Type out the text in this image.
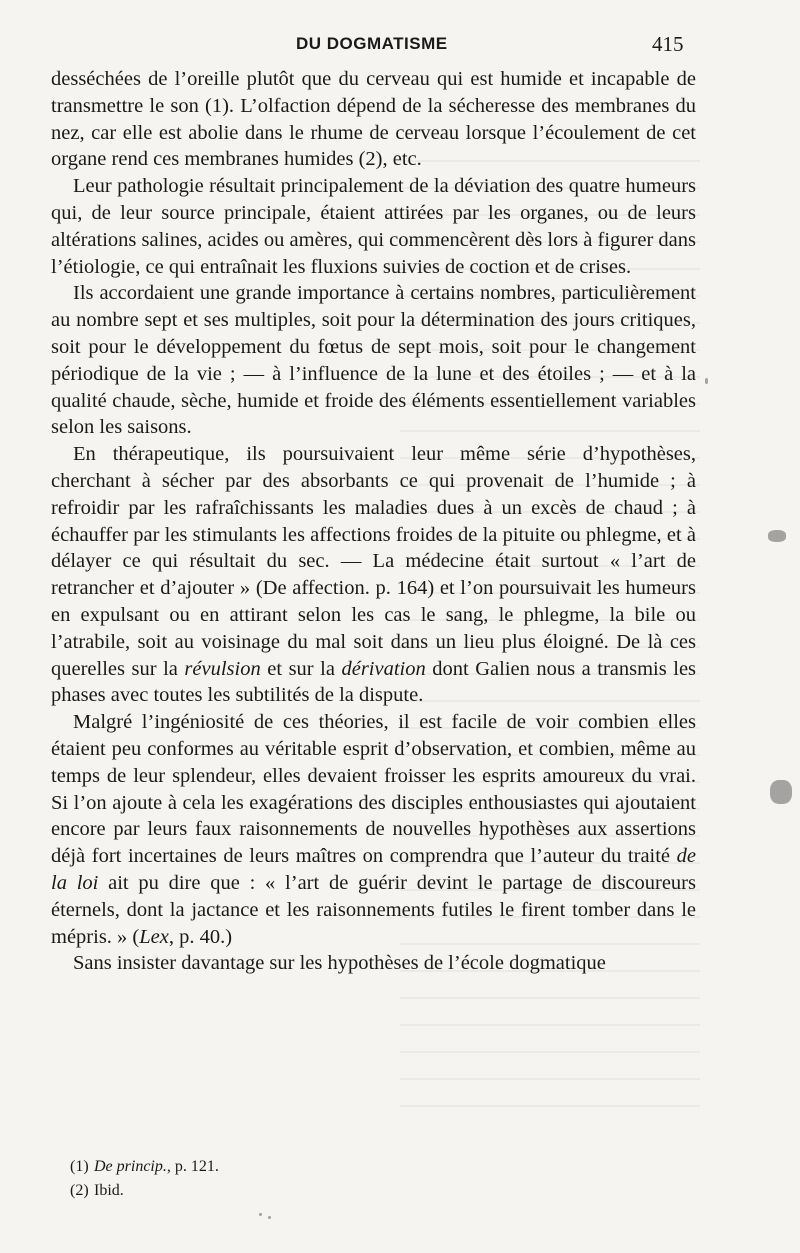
DU DOGMATISME	415

desséchées de l’oreille plutôt que du cerveau qui est humide et incapable de transmettre le son (1). L’olfaction dépend de la sécheresse des membranes du nez, car elle est abolie dans le rhume de cerveau lorsque l’écoulement de cet organe rend ces membranes humides (2), etc.

Leur pathologie résultait principalement de la déviation des quatre humeurs qui, de leur source principale, étaient attirées par les organes, ou de leurs altérations salines, acides ou amères, qui commencèrent dès lors à figurer dans l’étiologie, ce qui entraînait les fluxions suivies de coction et de crises.

Ils accordaient une grande importance à certains nombres, particulièrement au nombre sept et ses multiples, soit pour la détermination des jours critiques, soit pour le développement du fœtus de sept mois, soit pour le changement périodique de la vie ; — à l’influence de la lune et des étoiles ; — et à la qualité chaude, sèche, humide et froide des éléments essentiellement variables selon les saisons.

En thérapeutique, ils poursuivaient leur même série d’hypothèses, cherchant à sécher par des absorbants ce qui provenait de l’humide ; à refroidir par les rafraîchissants les maladies dues à un excès de chaud ; à échauffer par les stimulants les affections froides de la pituite ou phlegme, et à délayer ce qui résultait du sec. — La médecine était surtout « l’art de retrancher et d’ajouter » (De affection. p. 164) et l’on poursuivait les humeurs en expulsant ou en attirant selon les cas le sang, le phlegme, la bile ou l’atrabile, soit au voisinage du mal soit dans un lieu plus éloigné. De là ces querelles sur la révulsion et sur la dérivation dont Galien nous a transmis les phases avec toutes les subtilités de la dispute.

Malgré l’ingéniosité de ces théories, il est facile de voir combien elles étaient peu conformes au véritable esprit d’observation, et combien, même au temps de leur splendeur, elles devaient froisser les esprits amoureux du vrai. Si l’on ajoute à cela les exagérations des disciples enthousiastes qui ajoutaient encore par leurs faux raisonnements de nouvelles hypothèses aux assertions déjà fort incertaines de leurs maîtres on comprendra que l’auteur du traité de la loi ait pu dire que : « l’art de guérir devint le partage de discoureurs éternels, dont la jactance et les raisonnements futiles le firent tomber dans le mépris. » (Lex, p. 40.)

Sans insister davantage sur les hypothèses de l’école dogmatique

(1) De princip., p. 121.
(2) Ibid.
